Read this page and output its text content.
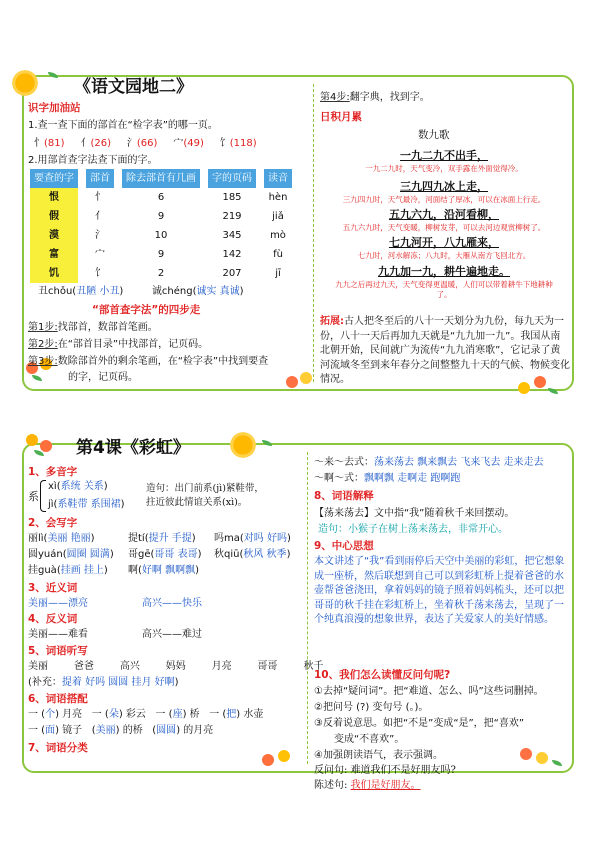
《语文园地二》
识字加油站
1.查一查下面的部首在“检字表”的哪一页。
忄(81) 亻(26) 氵(66) 宀(49) 饣(118)
2.用部首查字法查下面的字。
要查的字		部首		除去部首有几画		字的页码		读音
恨		忄		6		185		hèn
假		亻		9		219		jiǎ
漠		氵		10		345		mò
富		宀		9		142		fù
饥		饣		2		207		jī
丑chǒu(丑陋 小丑)	诚chéng(诚实 真诚)
“部首查字法”的四步走
第1步:找部首，数部首笔画。
第2步:在“部首目录”中找部首，记页码。
第3步:数除部首外的剩余笔画，在“检字表”中找到要查
的字，记页码。
第4步:翻字典，找到字。
日积月累
数九歌
一九二九不出手，
一九二九时，天气变冷，双手露在外面觉得冷。
三九四九冰上走，
三九四九时，天气最冷，河面结了厚冰，可以在冰面上行走。
五九六九，沿河看柳，
五九六九时，天气变暖，柳树发芽，可以去河边观赏柳树了。
七九河开，八九雁来，
七九时，河水解冻；八九时，大雁从南方飞回北方。
九九加一九，耕牛遍地走。
九九之后再过九天，天气变得更温暖，人们可以带着耕牛下地耕种了。
拓展:古人把冬至后的八十一天划分为九份，每九天为一份，八十一天后再加九天就是“九九加一九”。我国从南北朝开始，民间就广为流传“九九消寒歌”，它记录了黄河流域冬至到来年春分之间整整九十天的气候、物候变化情况。
第4课《彩虹》
1、多音字
系
xì(系统 关系)
jì(系鞋带 系围裙)
造句：出门前系(jì)紧鞋带，
拄近彼此情谊关系(xì)。
2、会写字
丽lì(美丽 艳丽)	提tí(提升 手提) 吗ma(对吗 好吗)
圆yuán(圆圈 圆满) 哥gē(哥哥 表哥) 秋qiū(秋风 秋季)
挂guà(挂画 挂上) 啊(好啊 飘啊飘)
3、近义词
美丽——漂亮	高兴——快乐
4、反义词
美丽——难看	高兴——难过
5、词语听写
美丽	爸爸	高兴	妈妈	月亮	哥哥	秋千
(补充：提着 好吗 圆圆 挂月 好啊)
6、词语搭配
一 (个) 月亮 一 (朵) 彩云 一 (座) 桥 一 (把) 水壶
一 (面) 镜子 (美丽) 的桥 (圆圆) 的月亮
7、词语分类
～来～去式：荡来荡去 飘来飘去 飞来飞去 走来走去
～啊～式：飘啊飘 走啊走 跑啊跑
8、词语解释
【荡来荡去】文中指“我”随着秋千来回摆动。
造句：小猴子在树上荡来荡去，非常开心。
9、中心思想
本文讲述了“我”看到雨停后天空中美丽的彩虹，把它想象成一座桥，然后联想到自己可以到彩虹桥上提着爸爸的水壶帮爸爸浇田，拿着妈妈的镜子照着妈妈梳头，还可以把哥哥的秋千挂在彩虹桥上，坐着秋千荡来荡去，呈现了一个纯真浪漫的想象世界，表达了关爱家人的美好情感。
10、我们怎么读懂反问句呢?
①去掉“疑问词”。把“难道、怎么、吗”这些词删掉。
②把问号 (?) 变句号 (。)。
③反着说意思。如把“不是”变成“是”，把“喜欢”
变成“不喜欢”。
④加强朗读语气，表示强调。
反问句: 难道我们不是好朋友吗?
陈述句: 我们是好朋友。
